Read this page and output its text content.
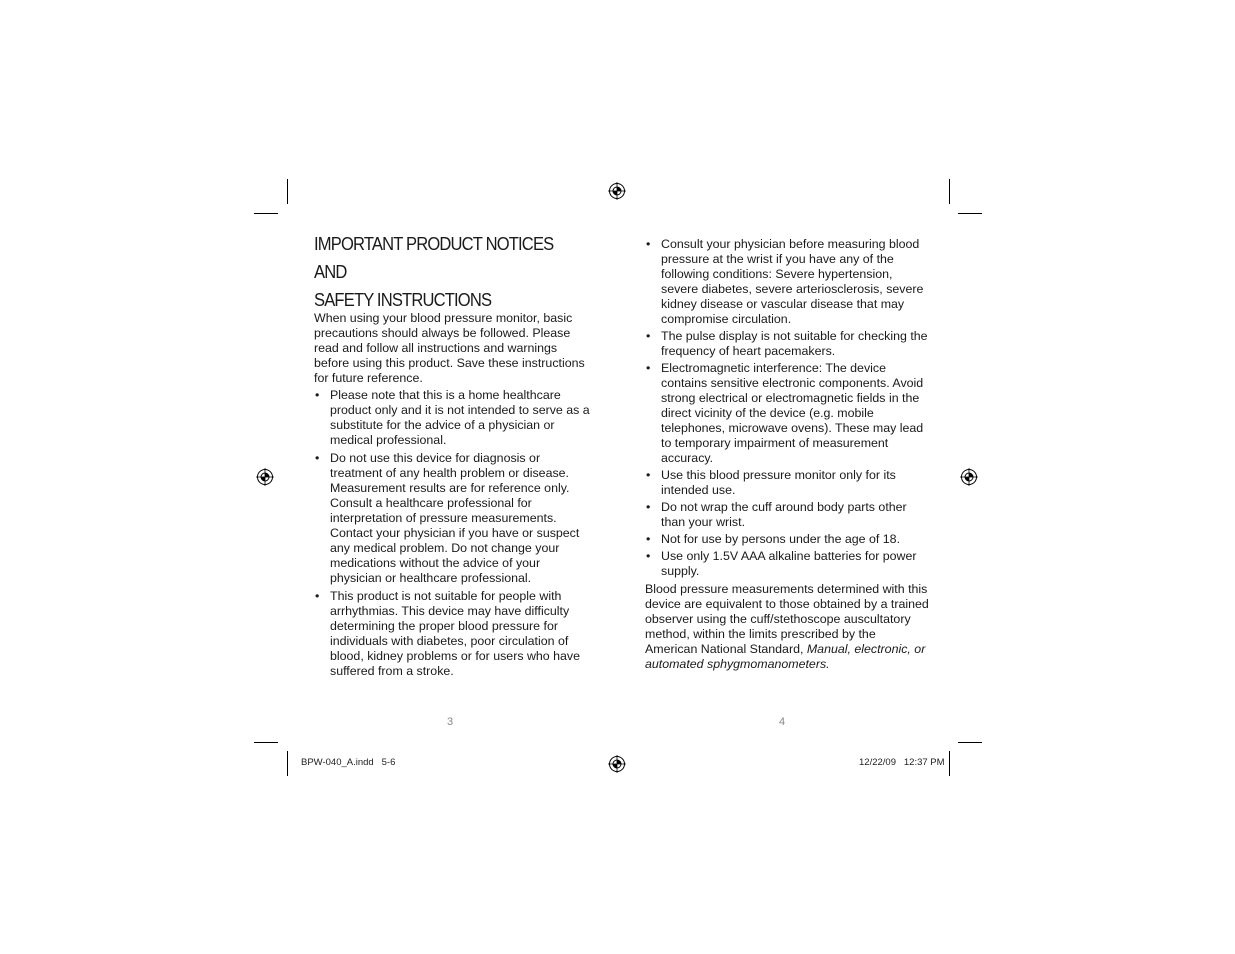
IMPORTANT PRODUCT NOTICES AND
SAFETY INSTRUCTIONS

When using your blood pressure monitor, basic precautions should always be followed. Please read and follow all instructions and warnings before using this product. Save these instructions for future reference.

• Please note that this is a home healthcare product only and it is not intended to serve as a substitute for the advice of a physician or medical professional.
• Do not use this device for diagnosis or treatment of any health problem or disease. Measurement results are for reference only. Consult a healthcare professional for interpretation of pressure measurements. Contact your physician if you have or suspect any medical problem. Do not change your medications without the advice of your physician or healthcare professional.
• This product is not suitable for people with arrhythmias. This device may have difficulty determining the proper blood pressure for individuals with diabetes, poor circulation of blood, kidney problems or for users who have suffered from a stroke.
3
• Consult your physician before measuring blood pressure at the wrist if you have any of the following conditions: Severe hypertension, severe diabetes, severe arteriosclerosis, severe kidney disease or vascular disease that may compromise circulation.
• The pulse display is not suitable for checking the frequency of heart pacemakers.
• Electromagnetic interference: The device contains sensitive electronic components. Avoid strong electrical or electromagnetic fields in the direct vicinity of the device (e.g. mobile telephones, microwave ovens). These may lead to temporary impairment of measurement accuracy.
• Use this blood pressure monitor only for its intended use.
• Do not wrap the cuff around body parts other than your wrist.
• Not for use by persons under the age of 18.
• Use only 1.5V AAA alkaline batteries for power supply.

Blood pressure measurements determined with this device are equivalent to those obtained by a trained observer using the cuff/stethoscope auscultatory method, within the limits prescribed by the American National Standard, Manual, electronic, or automated sphygmomanometers.

4
BPW-040_A.indd   5-6	12/22/09   12:37 PM
